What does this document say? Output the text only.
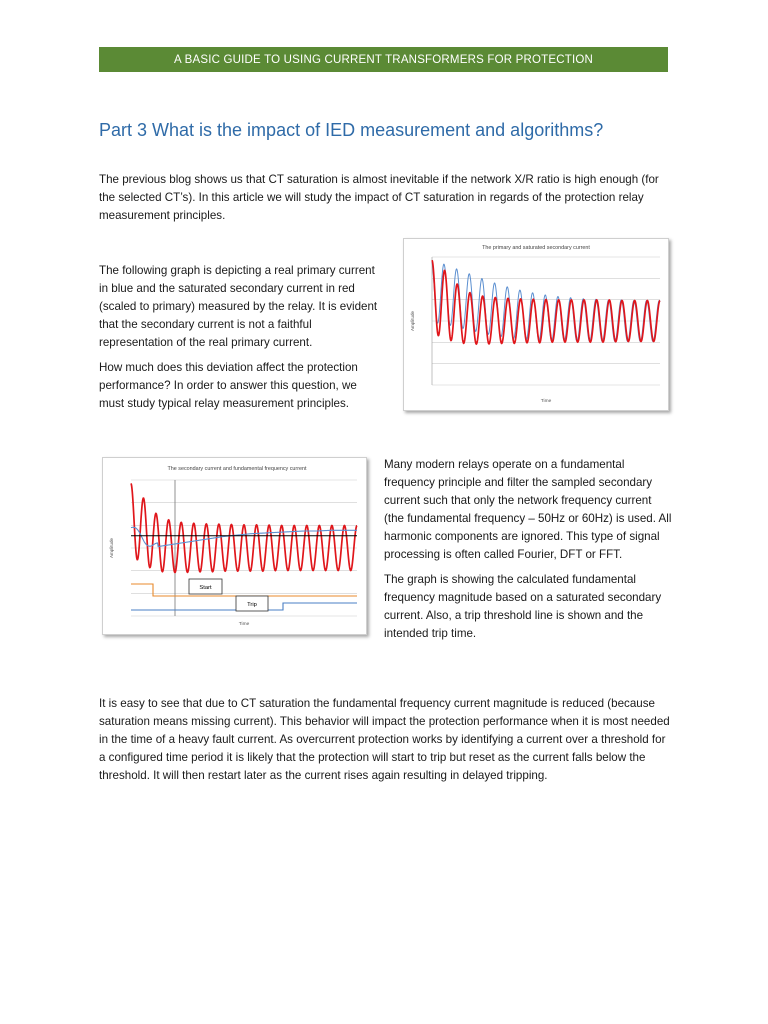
A BASIC GUIDE TO USING CURRENT TRANSFORMERS FOR PROTECTION
Part 3 What is the impact of IED measurement and algorithms?

The previous blog shows us that CT saturation is almost inevitable if the network X/R ratio is high enough (for the selected CT’s). In this article we will study the impact of CT saturation in regards of the protection relay measurement principles.

The following graph is depicting a real primary current in blue and the saturated secondary current in red (scaled to primary) measured by the relay. It is evident that the secondary current is not a faithful representation of the real primary current.

How much does this deviation affect the protection performance? In order to answer this question, we must study typical relay measurement principles.

The primary and saturated secondary current
Amplitude
Time
The secondary current and fundamental frequency current
Amplitude
Time
Start
Trip

Many modern relays operate on a fundamental frequency principle and filter the sampled secondary current such that only the network frequency current (the fundamental frequency – 50Hz or 60Hz) is used. All harmonic components are ignored. This type of signal processing is often called Fourier, DFT or FFT.

The graph is showing the calculated fundamental frequency magnitude based on a saturated secondary current. Also, a trip threshold line is shown and the intended trip time.

It is easy to see that due to CT saturation the fundamental frequency current magnitude is reduced (because saturation means missing current). This behavior will impact the protection performance when it is most needed in the time of a heavy fault current. As overcurrent protection works by identifying a current over a threshold for a configured time period it is likely that the protection will start to trip but reset as the current falls below the threshold. It will then restart later as the current rises again resulting in delayed tripping.
